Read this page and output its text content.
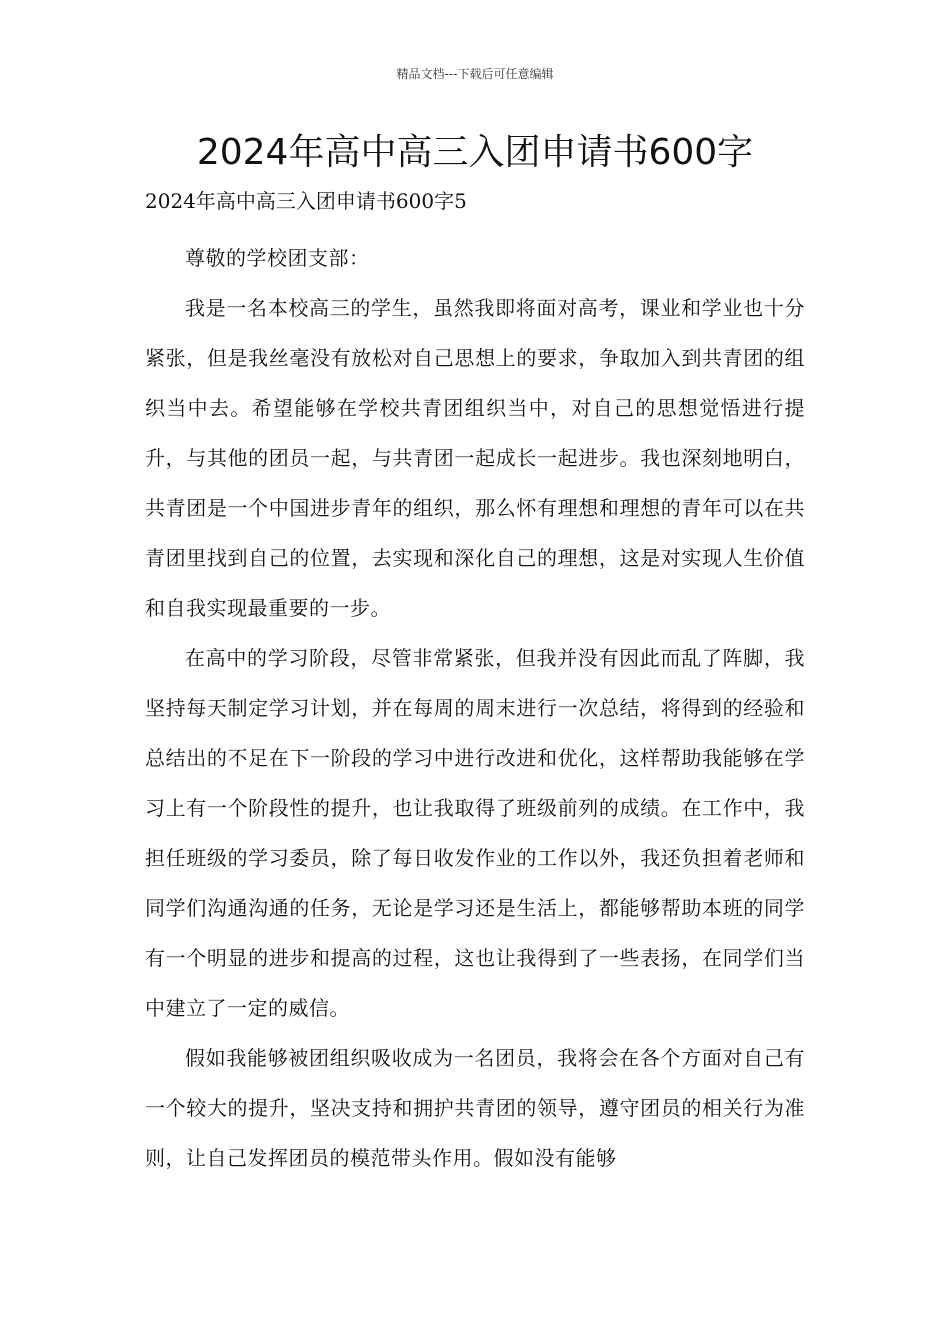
精品文档---下载后可任意编辑
2024年高中高三入团申请书600字

2024年高中高三入团申请书600字5

尊敬的学校团支部：

我是一名本校高三的学生，虽然我即将面对高考，课业和学业也十分紧张，但是我丝毫没有放松对自己思想上的要求，争取加入到共青团的组织当中去。希望能够在学校共青团组织当中，对自己的思想觉悟进行提升，与其他的团员一起，与共青团一起成长一起进步。我也深刻地明白，共青团是一个中国进步青年的组织，那么怀有理想和理想的青年可以在共青团里找到自己的位置，去实现和深化自己的理想，这是对实现人生价值和自我实现最重要的一步。

在高中的学习阶段，尽管非常紧张，但我并没有因此而乱了阵脚，我坚持每天制定学习计划，并在每周的周末进行一次总结，将得到的经验和总结出的不足在下一阶段的学习中进行改进和优化，这样帮助我能够在学习上有一个阶段性的提升，也让我取得了班级前列的成绩。在工作中，我担任班级的学习委员，除了每日收发作业的工作以外，我还负担着老师和同学们沟通沟通的任务，无论是学习还是生活上，都能够帮助本班的同学有一个明显的进步和提高的过程，这也让我得到了一些表扬，在同学们当中建立了一定的威信。

假如我能够被团组织吸收成为一名团员，我将会在各个方面对自己有一个较大的提升，坚决支持和拥护共青团的领导，遵守团员的相关行为准则，让自己发挥团员的模范带头作用。假如没有能够
